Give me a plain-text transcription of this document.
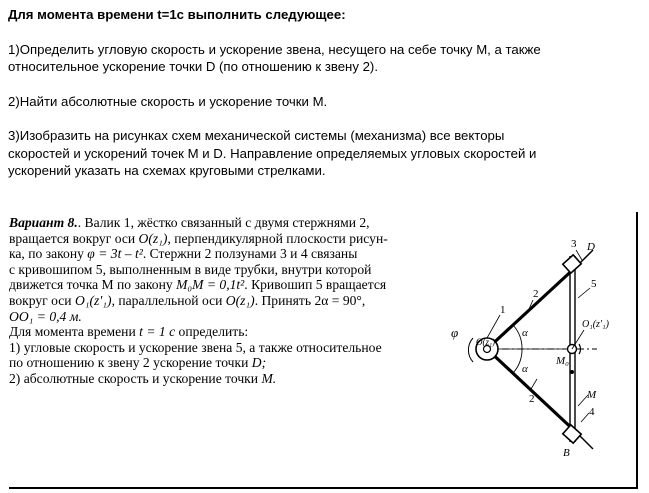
Для момента времени t=1с выполнить следующее:

1)Определить угловую скорость и ускорение звена, несущего на себе точку М, а также

относительное ускорение точки D (по отношению к звену 2).

2)Найти абсолютные скорость и ускорение точки М.

3)Изобразить на рисунках схем механической системы (механизма) все векторы

скоростей и ускорений точек М и D. Направление определяемых угловых скоростей и

ускорений указать на схемах круговыми стрелками.

Вариант 8.. Валик 1, жёстко связанный с двумя стержнями 2,

вращается вокруг оси O(z₁), перпендикулярной плоскости рисун-

ка, по закону φ = 3t – t². Стержни 2 ползунами 3 и 4 связаны

с кривошипом 5, выполненным в виде трубки, внутри которой

движется точка М по закону M₀M = 0,1t². Кривошип 5 вращается

вокруг оси O₁(z′₁), параллельной оси O(z₁). Принять 2α = 90°,

OO₁ = 0,4 м.

Для момента времени t = 1 с определить:

1) угловые скорость и ускорение звена 5, а также относительное

по отношению к звену 2 ускорение точки D;

2) абсолютные скорость и ускорение точки M.

φ
O(z₁)
1
2
2
3 D
5
α
α
O₁(z′₁)
M₀
M
4
B
